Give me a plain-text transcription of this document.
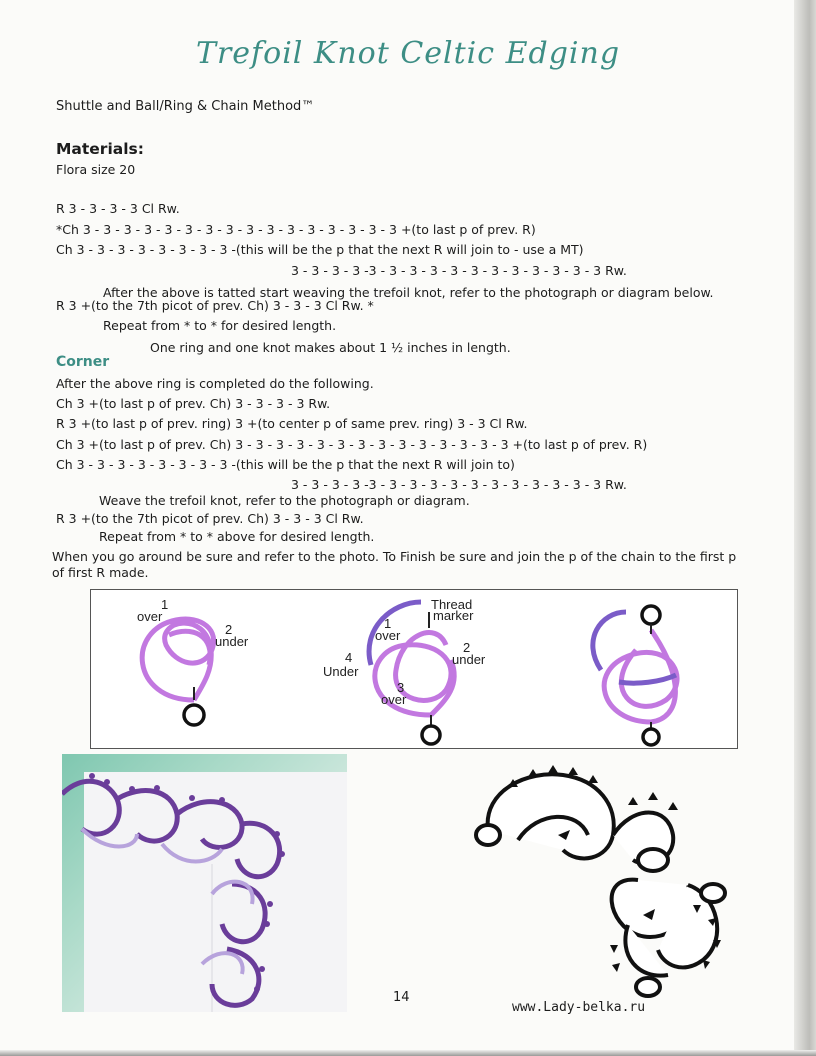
Trefoil Knot Celtic Edging
Shuttle and Ball/Ring & Chain Method™
Materials:
Flora size 20
R 3 - 3 - 3 - 3 Cl Rw.
*Ch 3 - 3 - 3 - 3 - 3 - 3 - 3 - 3 - 3 - 3 - 3 - 3 - 3 - 3 - 3 - 3 +(to last p of prev. R)
Ch 3 - 3 - 3 - 3 - 3 - 3 - 3 - 3 -(this will be the p that the next R will join to - use a MT)
3 - 3 - 3 - 3 -3 - 3 - 3 - 3 - 3 - 3 - 3 - 3 - 3 - 3 - 3 - 3 Rw.
After the above is tatted start weaving the trefoil knot, refer to the photograph or diagram below.
R 3 +(to the 7th picot of prev. Ch) 3 - 3 - 3 Cl Rw. *
Repeat from * to * for desired length.
One ring and one knot makes about 1 ½ inches in length.
Corner
After the above ring is completed do the following.
Ch 3 +(to last p of prev. Ch) 3 - 3 - 3 - 3 Rw.
R 3 +(to last p of prev. ring) 3 +(to center p of same prev. ring) 3 - 3 Cl Rw.
Ch 3 +(to last p of prev. Ch) 3 - 3 - 3 - 3 - 3 - 3 - 3 - 3 - 3 - 3 - 3 - 3 - 3 - 3 +(to last p of prev. R)
Ch 3 - 3 - 3 - 3 - 3 - 3 - 3 - 3 -(this will be the p that the next R will join to)
3 - 3 - 3 - 3 -3 - 3 - 3 - 3 - 3 - 3 - 3 - 3 - 3 - 3 - 3 - 3 Rw.
Weave the trefoil knot, refer to the photograph or diagram.
R 3 +(to the 7th picot of prev. Ch) 3 - 3 - 3 Cl Rw.
Repeat from * to * above for desired length.
When you go around be sure and refer to the photo. To Finish be sure and join the p of the chain to the first p
of first R made.
1
over
2
under
Thread
marker
1
over
2
under
4
Under
3
over
14
www.Lady-belka.ru
